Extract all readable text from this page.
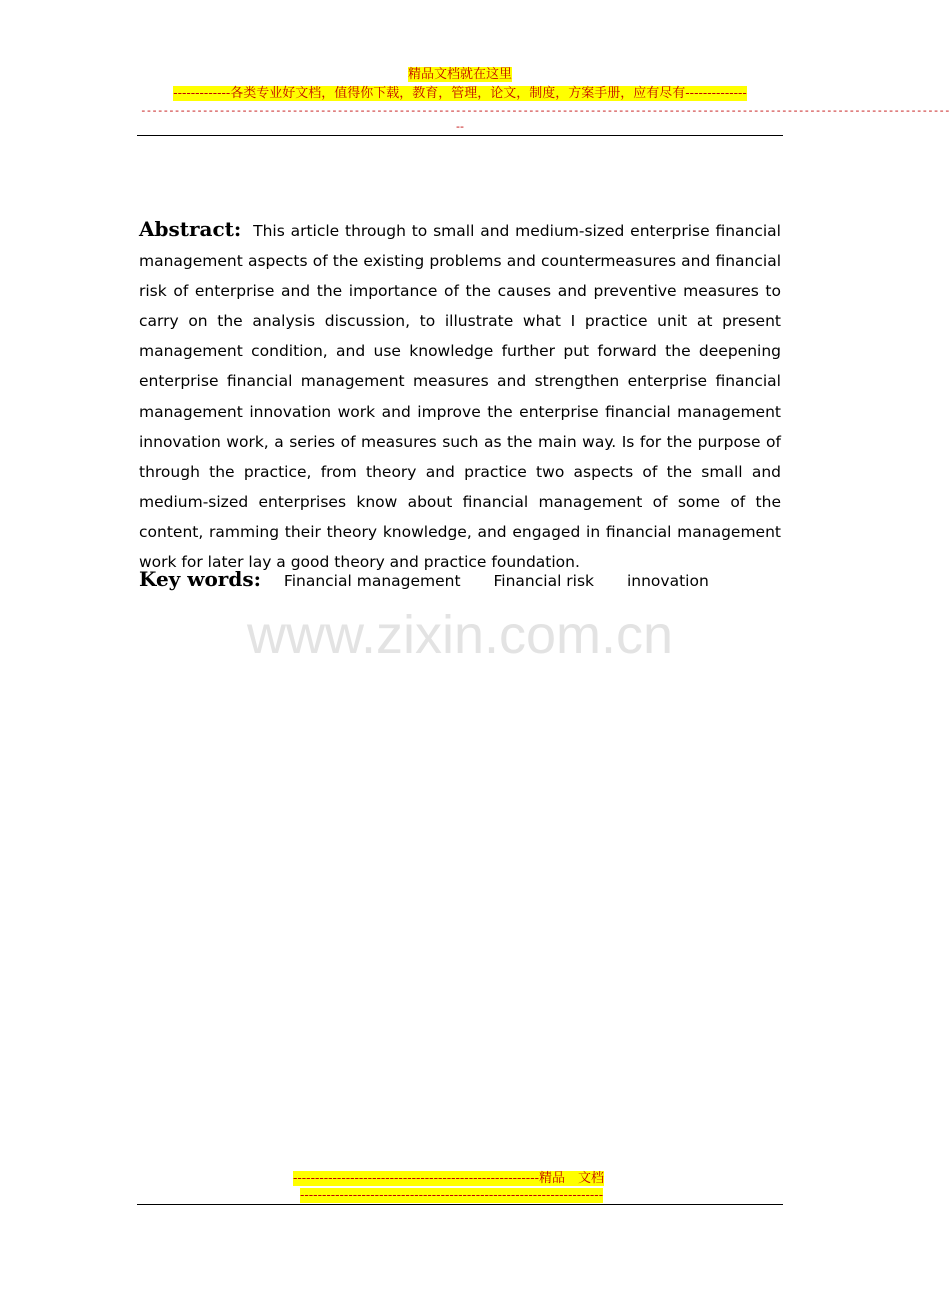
精品文档就在这里
-------------各类专业好文档，值得你下载，教育，管理，论文，制度，方案手册，应有尽有--------------
------------------------------------------------------------------------------------------------------------------------------------------------
--
Abstract: This article through to small and medium-sized enterprise financial management aspects of the existing problems and countermeasures and financial risk of enterprise and the importance of the causes and preventive measures to carry on the analysis discussion, to illustrate what I practice unit at present management condition, and use knowledge further put forward the deepening enterprise financial management measures and strengthen enterprise financial management innovation work and improve the enterprise financial management innovation work, a series of measures such as the main way. Is for the purpose of through the practice, from theory and practice two aspects of the small and medium-sized enterprises know about financial management of some of the content, ramming their theory knowledge, and engaged in financial management work for later lay a good theory and practice foundation.
Key words: Financial management Financial risk innovation
www.zixin.com.cn
--------------------------------------------------------精品　文档
---------------------------------------------------------------------
